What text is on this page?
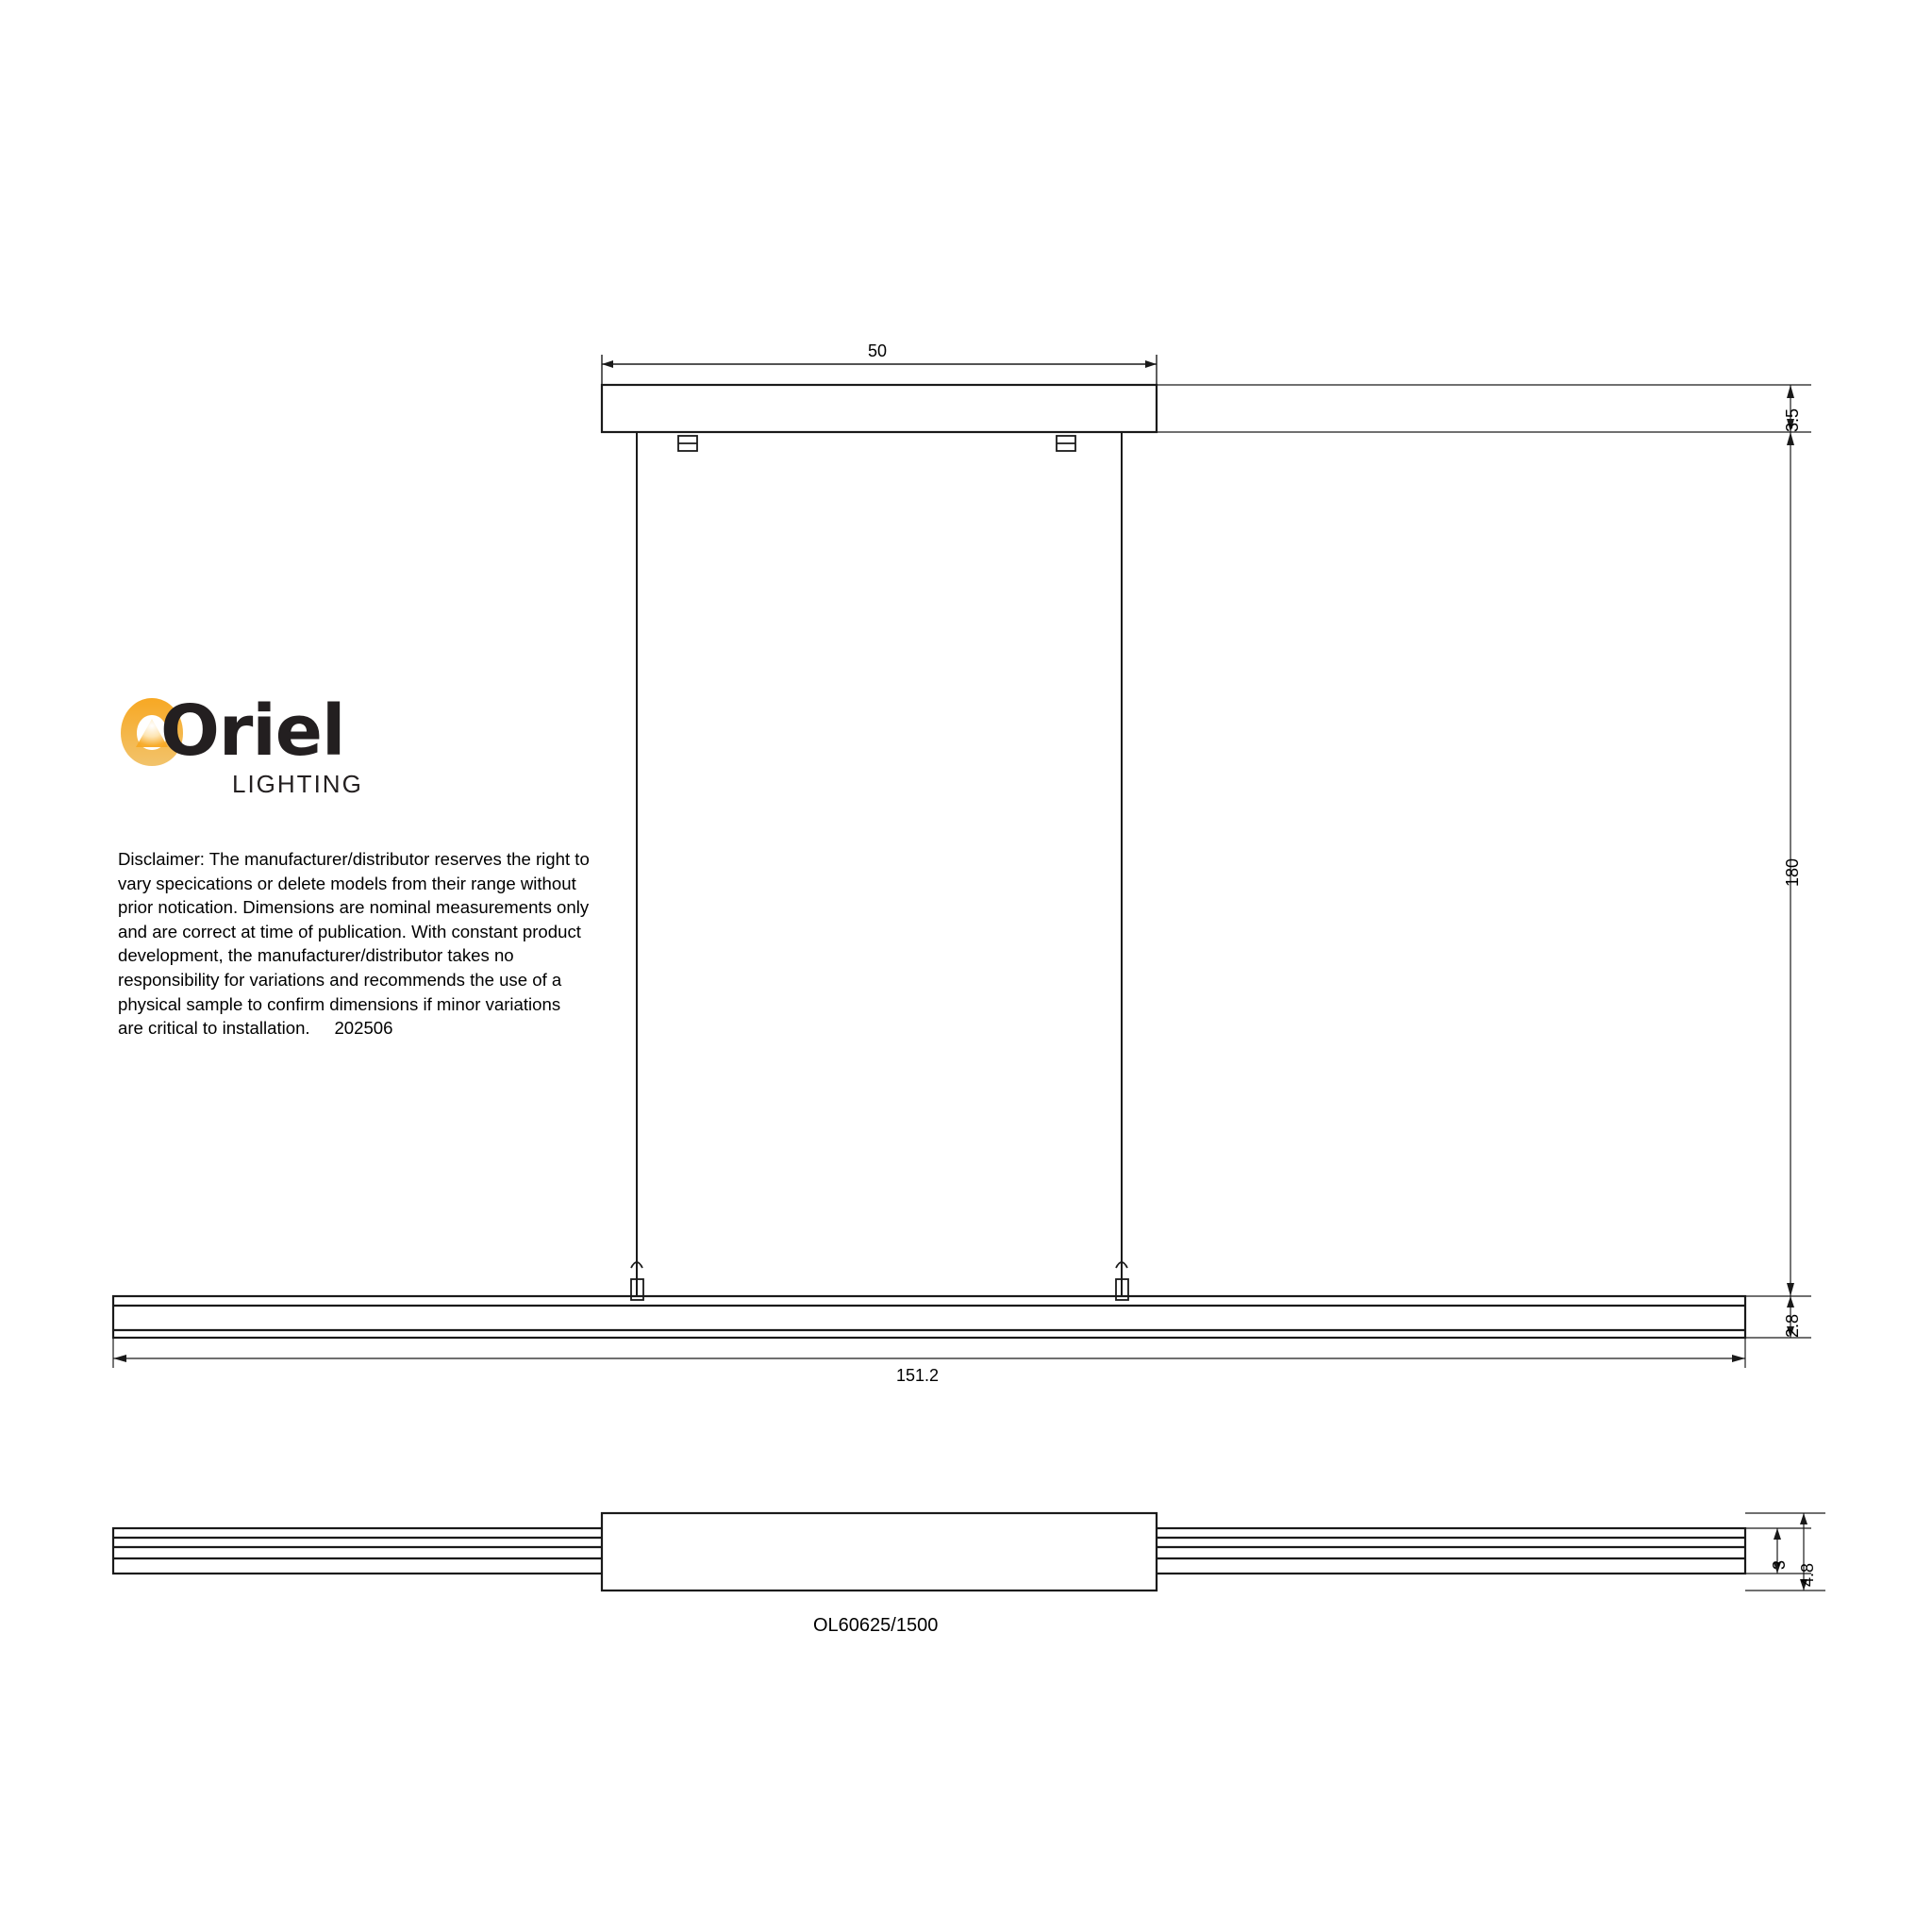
Oriel
LIGHTING
Disclaimer: The manufacturer/distributor reserves the right to vary specications or delete models from their range without prior notication. Dimensions are nominal measurements only and are correct at time of publication. With constant product development, the manufacturer/distributor takes no responsibility for variations and recommends the use of a physical sample to confirm dimensions if minor variations are critical to installation. 202506
50
3.5
180
2.8
151.2
3 4.8
OL60625/1500
